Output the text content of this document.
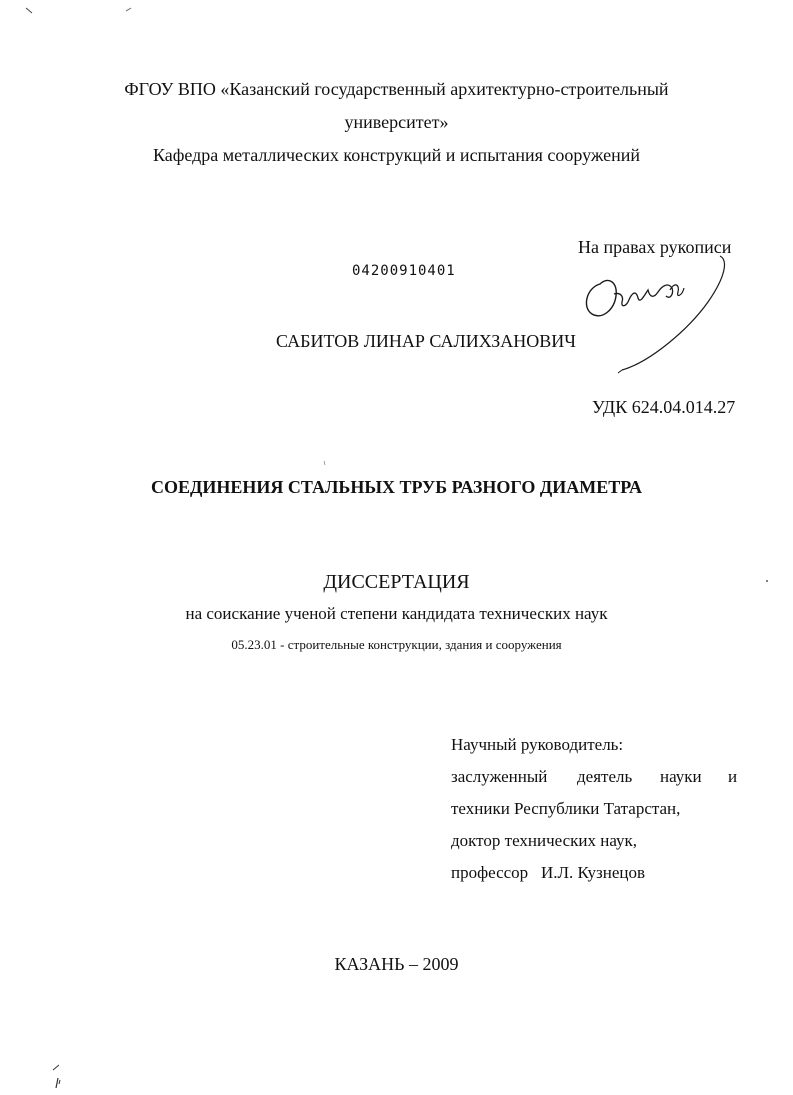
ФГОУ ВПО «Казанский государственный архитектурно-строительный
университет»
Кафедра металлических конструкций и испытания сооружений
На правах рукописи
04200910401
САБИТОВ ЛИНАР САЛИХЗАНОВИЧ
УДК 624.04.014.27
СОЕДИНЕНИЯ СТАЛЬНЫХ ТРУБ РАЗНОГО ДИАМЕТРА
ДИССЕРТАЦИЯ
на соискание ученой степени кандидата технических наук
05.23.01 - строительные конструкции, здания и сооружения
Научный руководитель:
заслуженный деятель науки и
техники Республики Татарстан,
доктор технических наук,
профессор И.Л. Кузнецов
КАЗАНЬ – 2009
